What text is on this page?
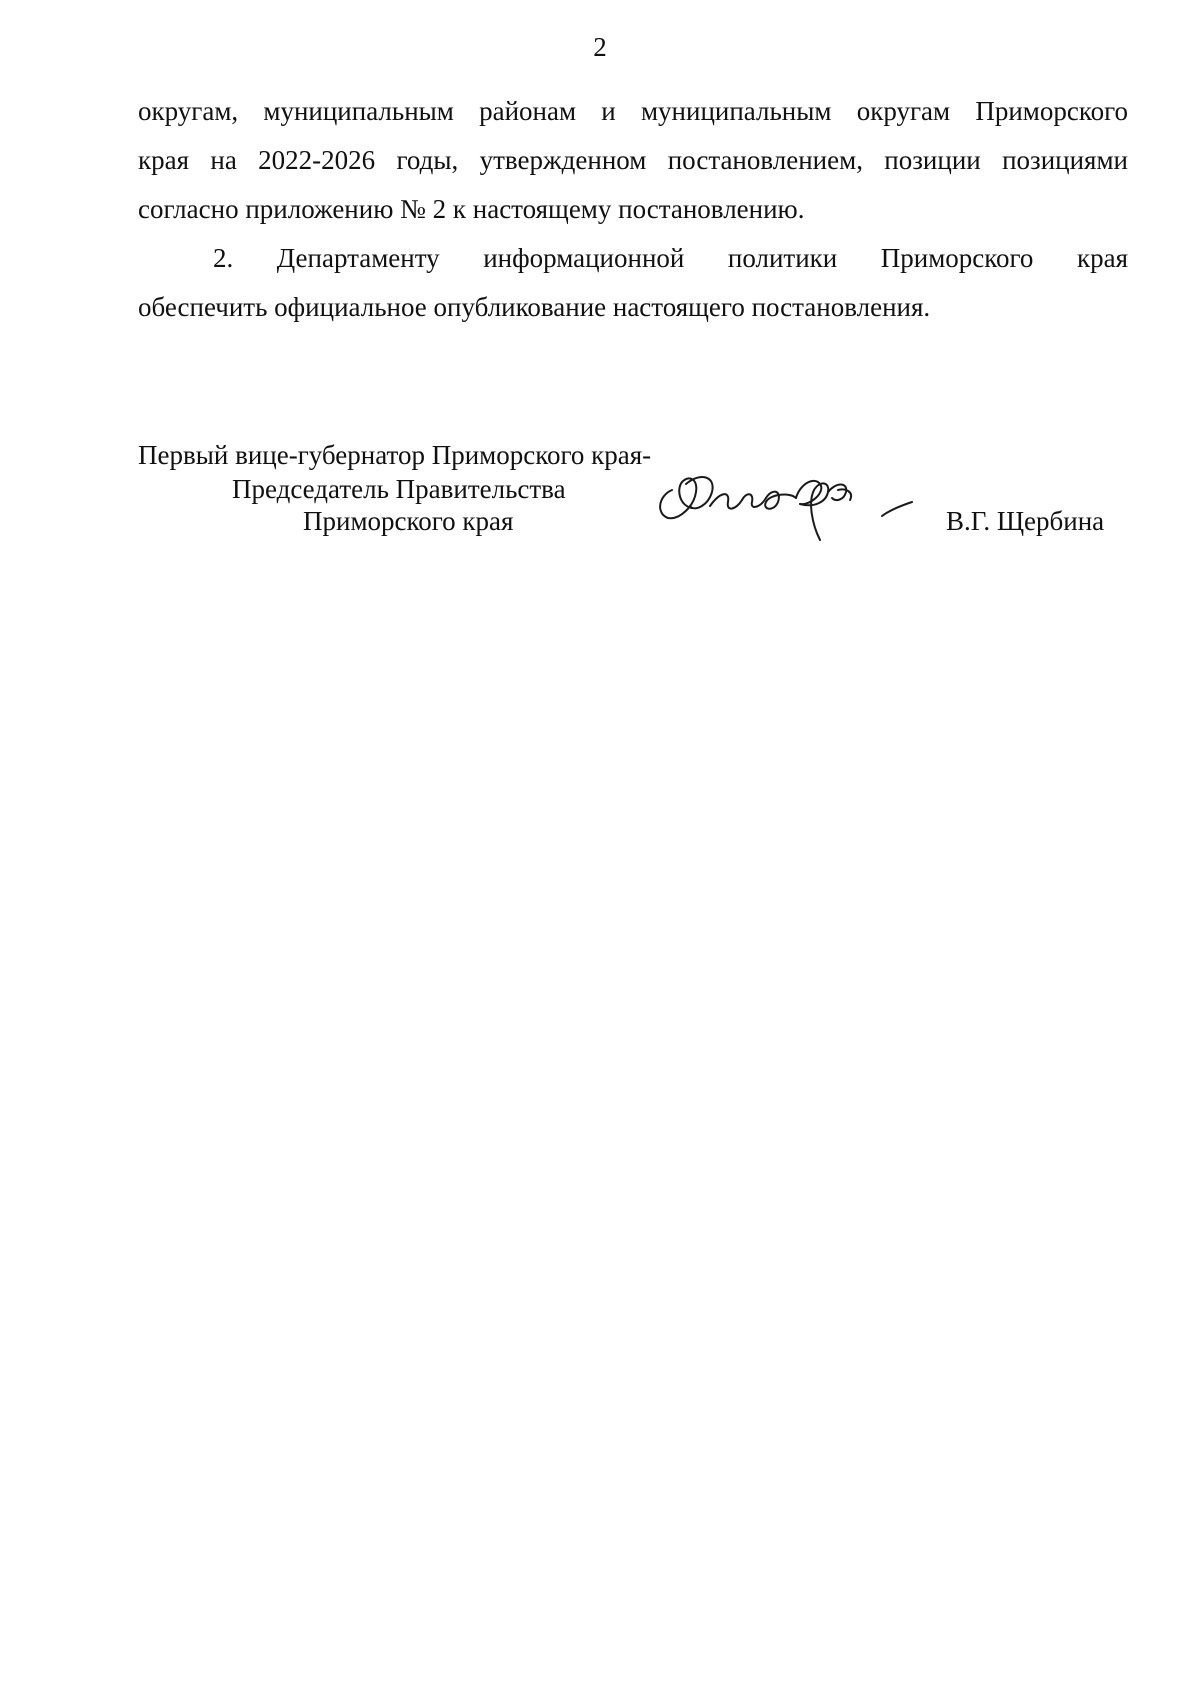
2
округам, муниципальным районам и муниципальным округам Приморского
края на 2022-2026 годы, утвержденном постановлением, позиции позициями
согласно приложению № 2 к настоящему постановлению.
2. Департаменту информационной политики Приморского края
обеспечить официальное опубликование настоящего постановления.
Первый вице-губернатор Приморского края-
Председатель Правительства
Приморского края	В.Г. Щербина
